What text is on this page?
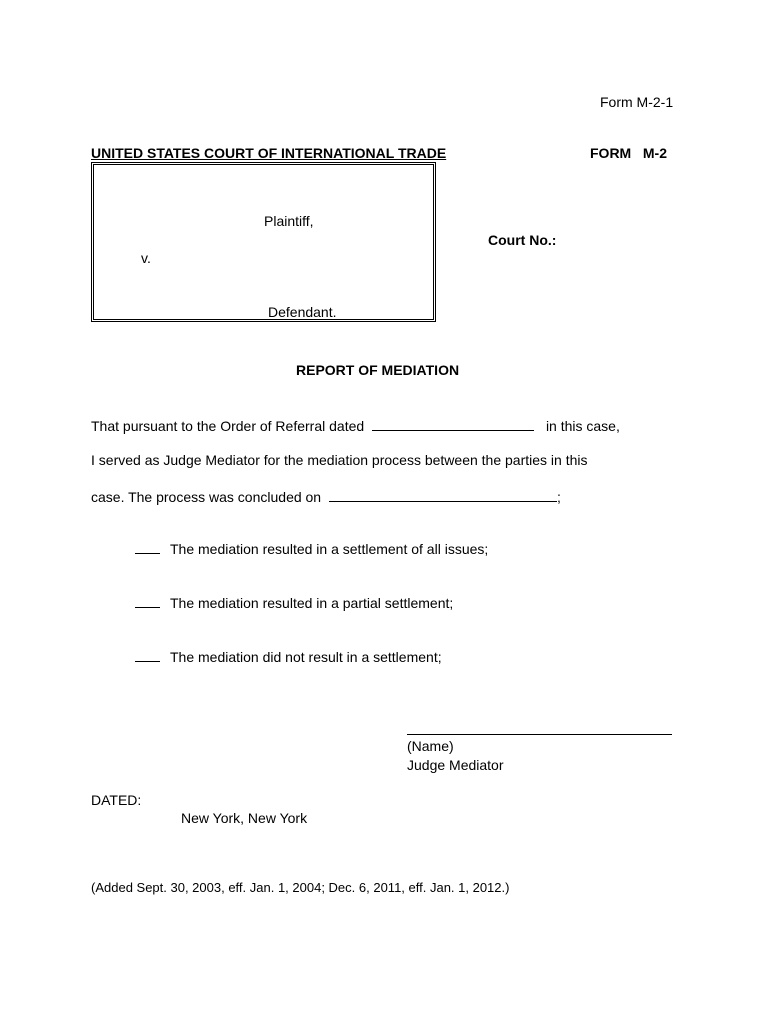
Form M-2-1
UNITED STATES COURT OF INTERNATIONAL TRADE	FORM   M-2
Plaintiff,
v.
Defendant.
Court No.:
REPORT OF MEDIATION
That pursuant to the Order of Referral dated	in this case,
I served as Judge Mediator for the mediation process between the parties in this
case. The process was concluded on	;
The mediation resulted in a settlement of all issues;
The mediation resulted in a partial settlement;
The mediation did not result in a settlement;
(Name)
Judge Mediator
DATED:
New York, New York
(Added Sept. 30, 2003, eff. Jan. 1, 2004; Dec. 6, 2011, eff. Jan. 1, 2012.)
